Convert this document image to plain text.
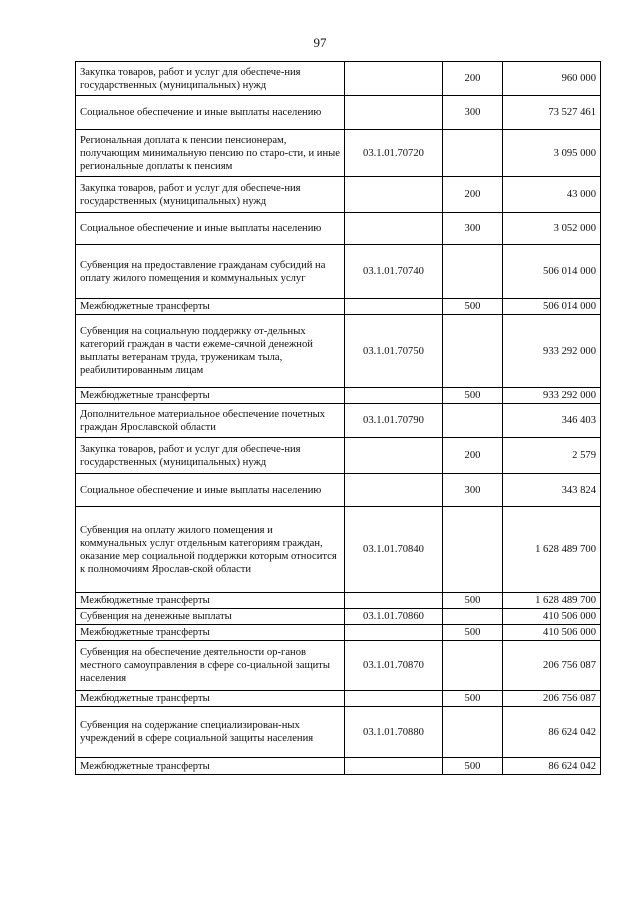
97
Закупка товаров, работ и услуг для обеспече-ния государственных (муниципальных) нужд		200	960 000
Социальное обеспечение и иные выплаты населению		300	73 527 461
Региональная доплата к пенсии пенсионерам, получающим минимальную пенсию по старо-сти, и иные региональные доплаты к пенсиям	03.1.01.70720		3 095 000
Закупка товаров, работ и услуг для обеспече-ния государственных (муниципальных) нужд		200	43 000
Социальное обеспечение и иные выплаты населению		300	3 052 000
Субвенция на предоставление гражданам субсидий на оплату жилого помещения и коммунальных услуг	03.1.01.70740		506 014 000
Межбюджетные трансферты		500	506 014 000
Субвенция на социальную поддержку от-дельных категорий граждан в части ежеме-сячной денежной выплаты ветеранам труда, труженикам тыла, реабилитированным лицам	03.1.01.70750		933 292 000
Межбюджетные трансферты		500	933 292 000
Дополнительное материальное обеспечение почетных граждан Ярославской области	03.1.01.70790		346 403
Закупка товаров, работ и услуг для обеспече-ния государственных (муниципальных) нужд		200	2 579
Социальное обеспечение и иные выплаты населению		300	343 824
Субвенция на оплату жилого помещения и коммунальных услуг отдельным категориям граждан, оказание мер социальной поддержки которым относится к полномочиям Ярослав-ской области	03.1.01.70840		1 628 489 700
Межбюджетные трансферты		500	1 628 489 700
Субвенция на денежные выплаты	03.1.01.70860		410 506 000
Межбюджетные трансферты		500	410 506 000
Субвенция на обеспечение деятельности ор-ганов местного самоуправления в сфере со-циальной защиты населения	03.1.01.70870		206 756 087
Межбюджетные трансферты		500	206 756 087
Субвенция на содержание специализирован-ных учреждений в сфере социальной защиты населения	03.1.01.70880		86 624 042
Межбюджетные трансферты		500	86 624 042
